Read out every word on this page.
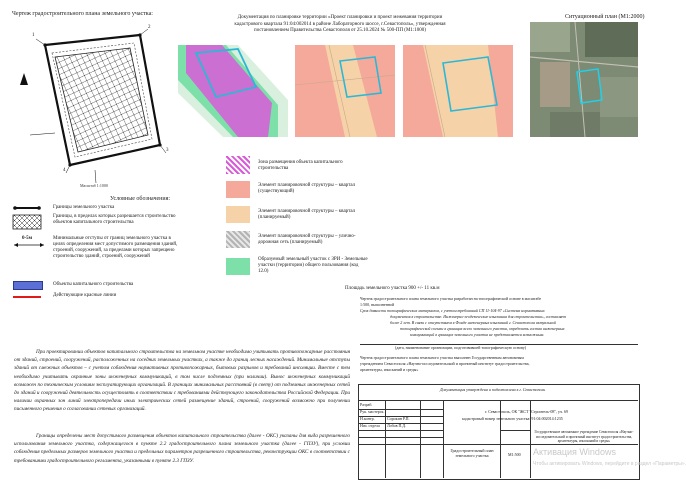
Чертеж градостроительного плана земельного участка:
Документация по планировке территории «Проект планировки и проект межевания территории
кадастрового квартала 91:04:002014 в районе Лабораторного шоссе, г.Севастополь», утвержденная
постановлением Правительства Севастополя от 25.10.2024 № 500-ПП (М1:1000)
Ситуационный план (М1:2000)
1
2
3
4
Масштаб 1:1000
Условные обозначения:
Границы земельного участка
Границы, в пределах которых разрешается строительство объектов капитального строительства
0-5м	Минимальные отступы от границ земельного участка в целях определения мест допустимого размещения зданий, строений, сооружений, за пределами которых запрещено строительство зданий, строений, сооружений
Объекты капитального строительства
Действующие красные линии
Зона размещения объекта капитального строительства
Элемент планировочной структуры – квартал (существующий)
Элемент планировочной структуры – квартал (планируемый)
Элемент планировочной структуры – улично-дорожная сеть (планируемый)
Образуемый земельный участок с ЗРИ - Земельные участки (территории) общего пользования (код 12.0)
Площадь земельного участка 900 +/- 11 кв.м
Чертеж градостроительного плана земельного участка разработан на топографической основе в масштабе
1:500, выполненной
Срок давности топографических материалов, с учетом требований СП 11-104-97 «Система нормативных
документов в строительстве. Инженерно-геодезические изыскания для строительства», составляет
более 2 лет. В связи с отсутствием в Фонде инженерных изысканий г. Севастополя актуальной
топографической съемки в границах всего земельного участка, определить состав инженерных
коммуникаций в границах земельного участка не представляется возможным.
(дата, наименование организации, подготовившей топографическую основу)
Чертеж градостроительного плана земельного участка выполнен Государственным автономным
учреждением Севастополя «Научно-исследовательский и проектный институт градостроительства,
архитектуры, изысканий и среды»
При проектировании объектов капитального строительства на земельном участке необходимо учитывать противопожарные расстояния от зданий, строений, сооружений, расположенных на соседних земельных участках, а также до границ лесных насаждений. Минимальные отступы зданий от смежных объектов – с учетом соблюдения нормативных противопожарных, бытовых разрывов и требований инсоляции. Вместе с тем необходимо учитывать охранные зоны инженерных коммуникаций, в том числе подземных (при наличии). Вынос инженерных коммуникаций возможен по техническим условиям эксплуатирующих организаций. В границах минимальных расстояний (в свету) от подземных инженерных сетей до зданий и сооружений деятельность осуществлять в соответствии с требованиями действующего законодательства Российской Федерации. При наличии охранных зон линий электропередачи иных электрических сетей размещение зданий, строений, сооружений возможно при получении письменного решения о согласовании сетевых организаций.
Границы определены мест допустимого размещения объектов капитального строительства (далее - ОКС) указаны для вида разрешенного использования земельного участка, содержащегося в пункте 2.2 градостроительного плана земельного участка (далее - ГПЗУ), при условии соблюдения предельных размеров земельного участка и предельных параметров разрешенного строительства, реконструкции ОКС в соответствии с требованиями градостроительного регламента, указанными в пункте 2.3 ГПЗУ.
Документация утверждена и подготовлена в г. Севастополь
г. Севастополь, ОК "ЖСТ "Строитель-08", уч. 69
кадастровый номер земельного участка: 91:04:002014:1235
Разраб.
Рук. мастерск.
Н.контр.	Сорокин Р.П.
Нач. отдела Лобов П.Д.
Градостроительный план земельного участка	М1:500
Государственное автономное учреждение Севастополя «Научно-исследовательский и проектный институт градостроительства, архитектуры, изысканий и среды»
Активация Windows
Чтобы активировать Windows, перейдите в раздел «Параметры».
